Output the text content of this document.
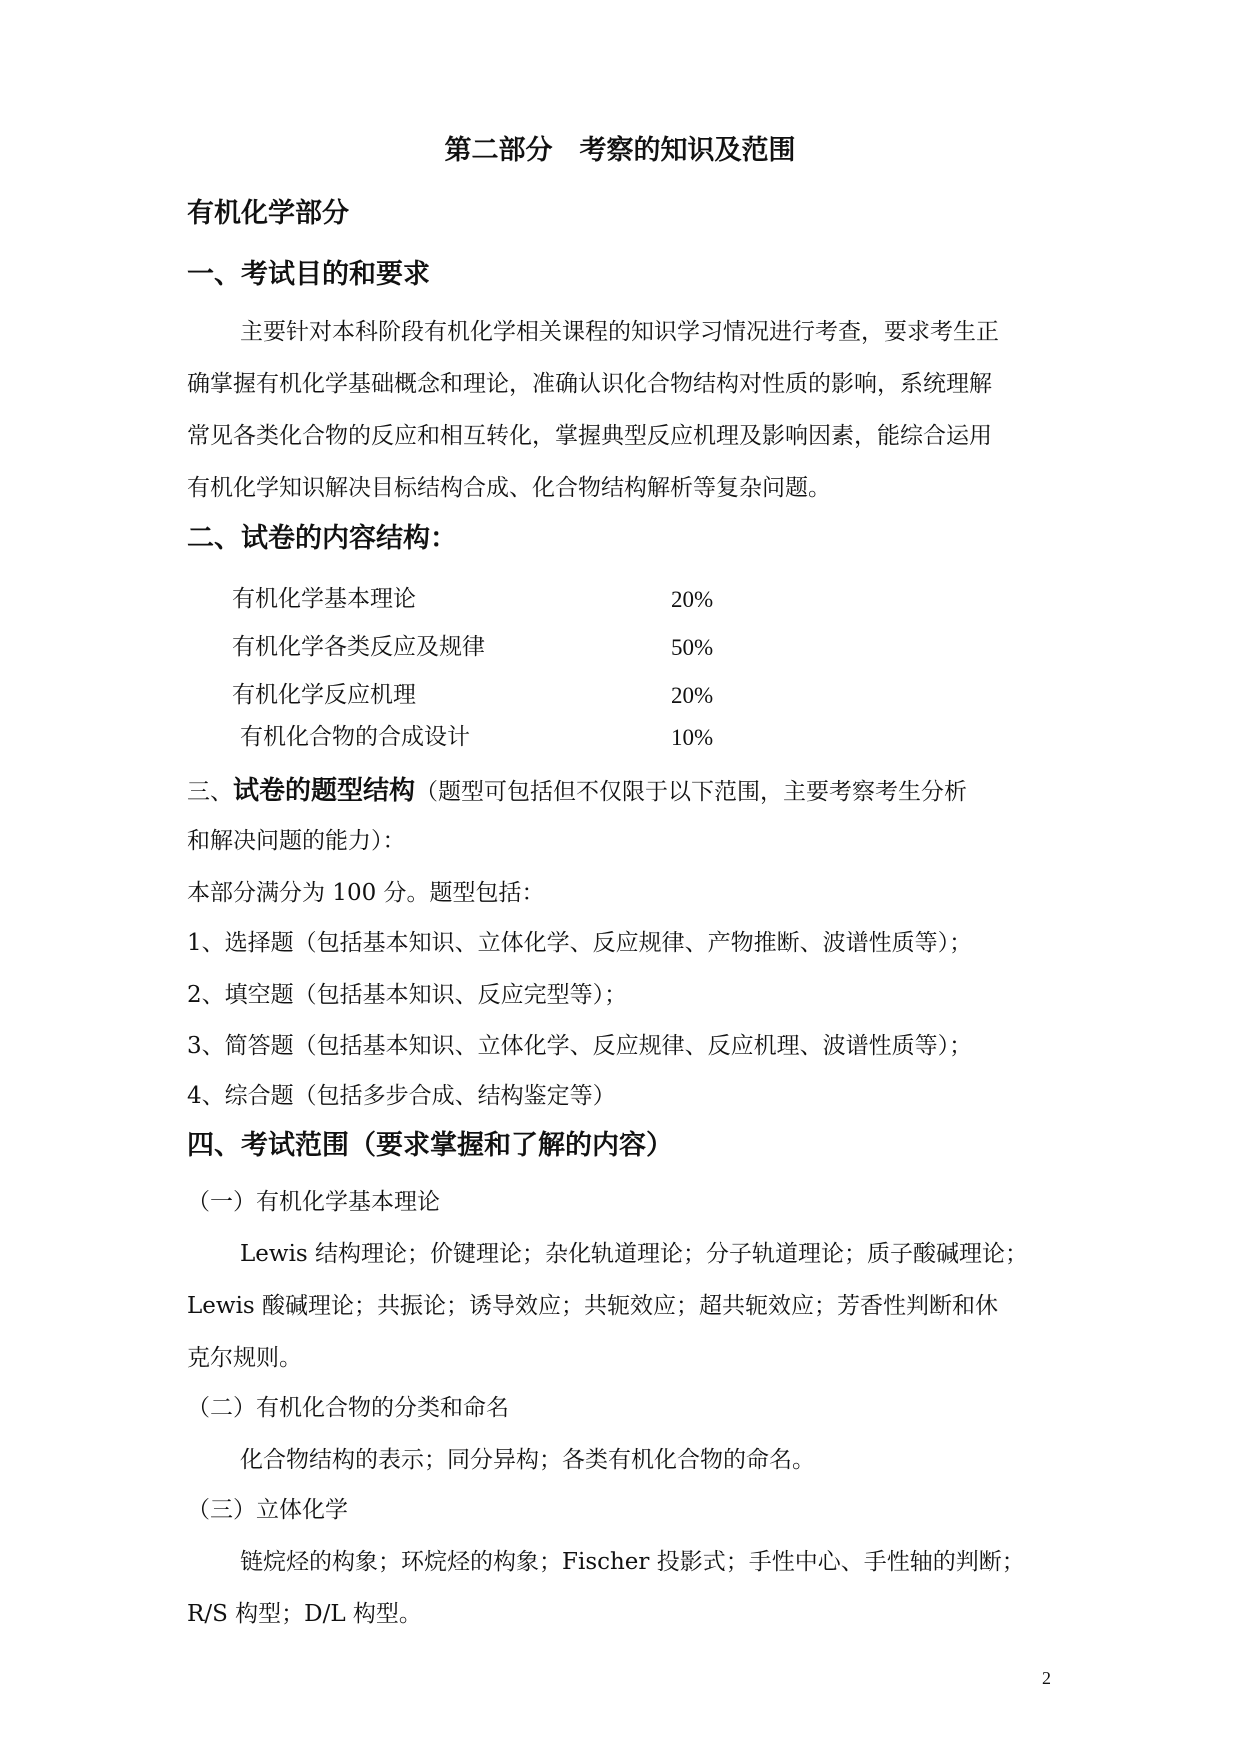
第二部分　考察的知识及范围
有机化学部分
一、考试目的和要求
主要针对本科阶段有机化学相关课程的知识学习情况进行考查，要求考生正
确掌握有机化学基础概念和理论，准确认识化合物结构对性质的影响，系统理解
常见各类化合物的反应和相互转化，掌握典型反应机理及影响因素，能综合运用
有机化学知识解决目标结构合成、化合物结构解析等复杂问题。
二、试卷的内容结构：
有机化学基本理论	20%
有机化学各类反应及规律	50%
有机化学反应机理	20%
有机化合物的合成设计	10%
三、试卷的题型结构（题型可包括但不仅限于以下范围，主要考察考生分析
和解决问题的能力）：
本部分满分为 100 分。题型包括：
1、选择题（包括基本知识、立体化学、反应规律、产物推断、波谱性质等）；
2、填空题（包括基本知识、反应完型等）；
3、简答题（包括基本知识、立体化学、反应规律、反应机理、波谱性质等）；
4、综合题（包括多步合成、结构鉴定等）
四、考试范围（要求掌握和了解的内容）
（一）有机化学基本理论
Lewis 结构理论；价键理论；杂化轨道理论；分子轨道理论；质子酸碱理论；
Lewis 酸碱理论；共振论；诱导效应；共轭效应；超共轭效应；芳香性判断和休
克尔规则。
（二）有机化合物的分类和命名
化合物结构的表示；同分异构；各类有机化合物的命名。
（三）立体化学
链烷烃的构象；环烷烃的构象；Fischer 投影式；手性中心、手性轴的判断；
R/S 构型；D/L 构型。
2
